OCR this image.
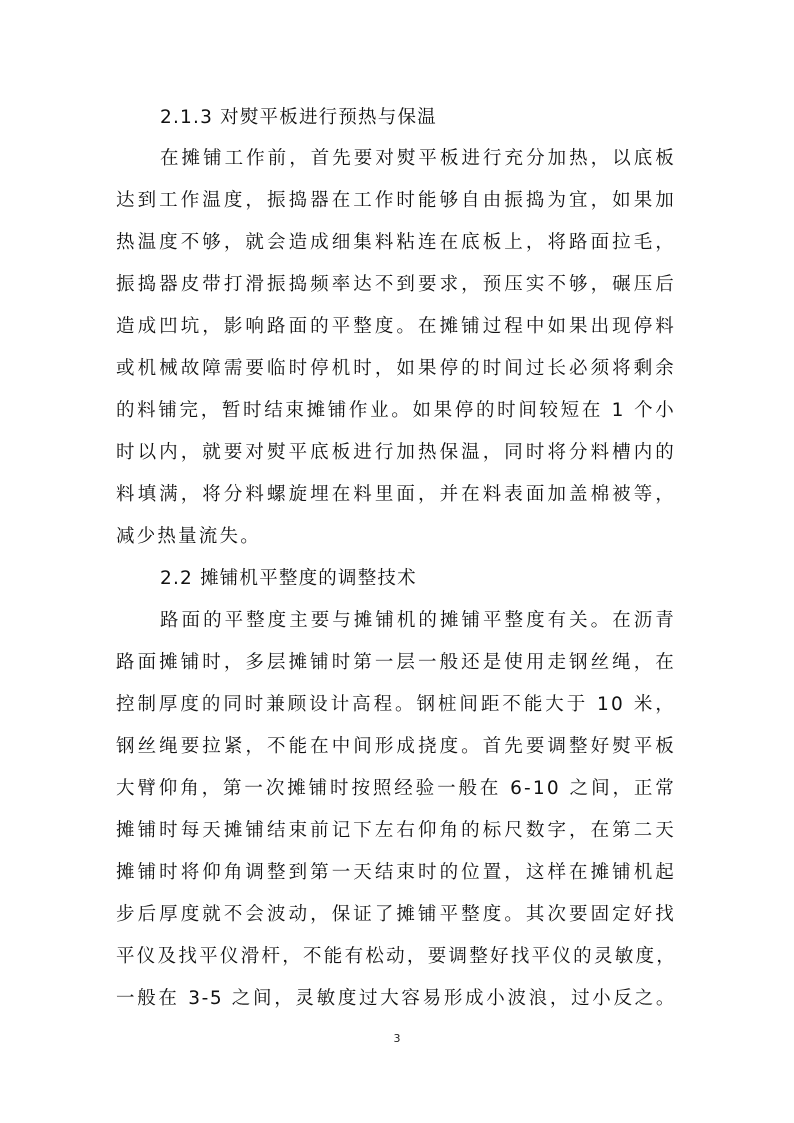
2.1.3 对熨平板进行预热与保温
在摊铺工作前，首先要对熨平板进行充分加热，以底板
达到工作温度，振捣器在工作时能够自由振捣为宜，如果加
热温度不够，就会造成细集料粘连在底板上，将路面拉毛，
振捣器皮带打滑振捣频率达不到要求，预压实不够，碾压后
造成凹坑，影响路面的平整度。在摊铺过程中如果出现停料
或机械故障需要临时停机时，如果停的时间过长必须将剩余
的料铺完，暂时结束摊铺作业。如果停的时间较短在 1 个小
时以内，就要对熨平底板进行加热保温，同时将分料槽内的
料填满，将分料螺旋埋在料里面，并在料表面加盖棉被等，
减少热量流失。
2.2 摊铺机平整度的调整技术
路面的平整度主要与摊铺机的摊铺平整度有关。在沥青
路面摊铺时，多层摊铺时第一层一般还是使用走钢丝绳，在
控制厚度的同时兼顾设计高程。钢桩间距不能大于 10 米，
钢丝绳要拉紧，不能在中间形成挠度。首先要调整好熨平板
大臂仰角，第一次摊铺时按照经验一般在 6-10 之间，正常
摊铺时每天摊铺结束前记下左右仰角的标尺数字，在第二天
摊铺时将仰角调整到第一天结束时的位置，这样在摊铺机起
步后厚度就不会波动，保证了摊铺平整度。其次要固定好找
平仪及找平仪滑杆，不能有松动，要调整好找平仪的灵敏度，
一般在 3-5 之间，灵敏度过大容易形成小波浪，过小反之。
3
